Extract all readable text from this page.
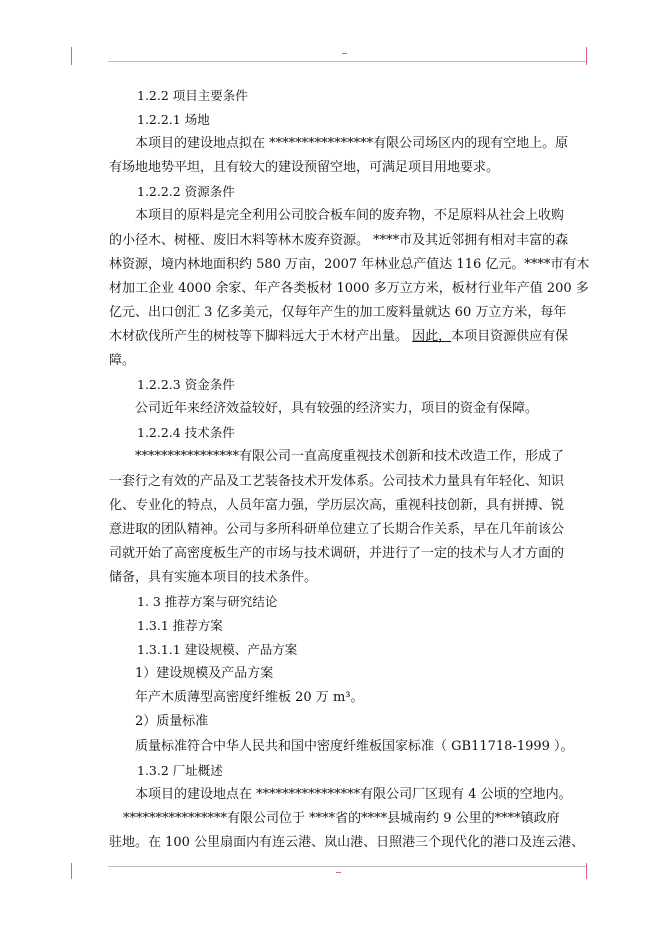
1.2.2 项目主要条件
1.2.2.1 场地
本项目的建设地点拟在 ****************有限公司场区内的现有空地上。原
有场地地势平坦，且有较大的建设预留空地，可满足项目用地要求。
1.2.2.2 资源条件
本项目的原料是完全利用公司胶合板车间的废弃物，不足原料从社会上收购
的小径木、树桠、废旧木料等林木废弃资源。 ****市及其近邻拥有相对丰富的森
林资源，境内林地面积约 580 万亩，2007 年林业总产值达 116 亿元。****市有木
材加工企业 4000 余家、年产各类板材 1000 多万立方米，板材行业年产值 200 多
亿元、出口创汇 3 亿多美元，仅每年产生的加工废料量就达 60 万立方米，每年
木材砍伐所产生的树枝等下脚料远大于木材产出量。 因此，本项目资源供应有保
障。
1.2.2.3 资金条件
公司近年来经济效益较好，具有较强的经济实力，项目的资金有保障。
1.2.2.4 技术条件
****************有限公司一直高度重视技术创新和技术改造工作，形成了
一套行之有效的产品及工艺装备技术开发体系。公司技术力量具有年轻化、知识
化、专业化的特点，人员年富力强，学历层次高，重视科技创新，具有拼搏、锐
意进取的团队精神。公司与多所科研单位建立了长期合作关系，早在几年前该公
司就开始了高密度板生产的市场与技术调研，并进行了一定的技术与人才方面的
储备，具有实施本项目的技术条件。
1. 3 推荐方案与研究结论
1.3.1 推荐方案
1.3.1.1 建设规模、产品方案
1）建设规模及产品方案
年产木质薄型高密度纤维板 20 万 m³。
2）质量标准
质量标准符合中华人民共和国中密度纤维板国家标准（ GB11718-1999 ）。
1.3.2 厂址概述
本项目的建设地点在 ****************有限公司厂区现有 4 公顷的空地内。
****************有限公司位于 ****省的****县城南约 9 公里的****镇政府
驻地。在 100 公里扇面内有连云港、岚山港、日照港三个现代化的港口及连云港、
